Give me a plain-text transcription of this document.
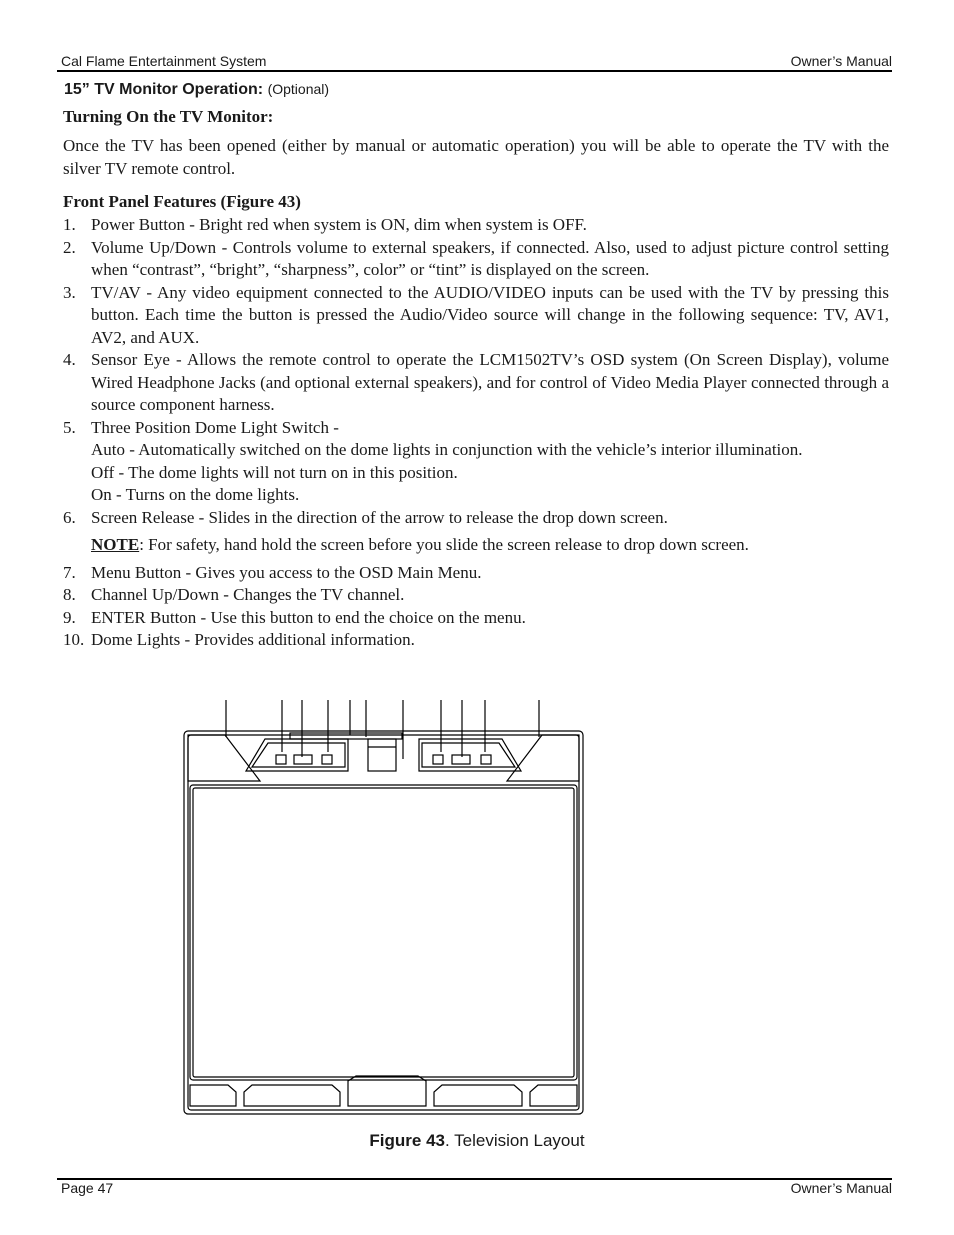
Cal Flame Entertainment System	Owner’s Manual
15” TV Monitor Operation: (Optional)
Turning On the TV Monitor:
Once the TV has been opened (either by manual or automatic operation) you will be able to operate the TV with the silver TV remote control.
Front Panel Features (Figure 43)
1. Power Button - Bright red when system is ON, dim when system is OFF.
2. Volume Up/Down - Controls volume to external speakers, if connected. Also, used to adjust picture control setting when “contrast”, “bright”, “sharpness”, color” or “tint” is displayed on the screen.
3. TV/AV - Any video equipment connected to the AUDIO/VIDEO inputs can be used with the TV by pressing this button. Each time the button is pressed the Audio/Video source will change in the following sequence: TV, AV1, AV2, and AUX.
4. Sensor Eye - Allows the remote control to operate the LCM1502TV’s OSD system (On Screen Display), volume Wired Headphone Jacks (and optional external speakers), and for control of Video Media Player connected through a source component harness.
5. Three Position Dome Light Switch -
Auto - Automatically switched on the dome lights in conjunction with the vehicle’s interior illumination.
Off - The dome lights will not turn on in this position.
On - Turns on the dome lights.
6. Screen Release - Slides in the direction of the arrow to release the drop down screen.
NOTE: For safety, hand hold the screen before you slide the screen release to drop down screen.
7. Menu Button - Gives you access to the OSD Main Menu.
8. Channel Up/Down - Changes the TV channel.
9. ENTER Button - Use this button to end the choice on the menu.
10. Dome Lights - Provides additional information.
Figure 43. Television Layout
Page 47	Owner’s Manual
